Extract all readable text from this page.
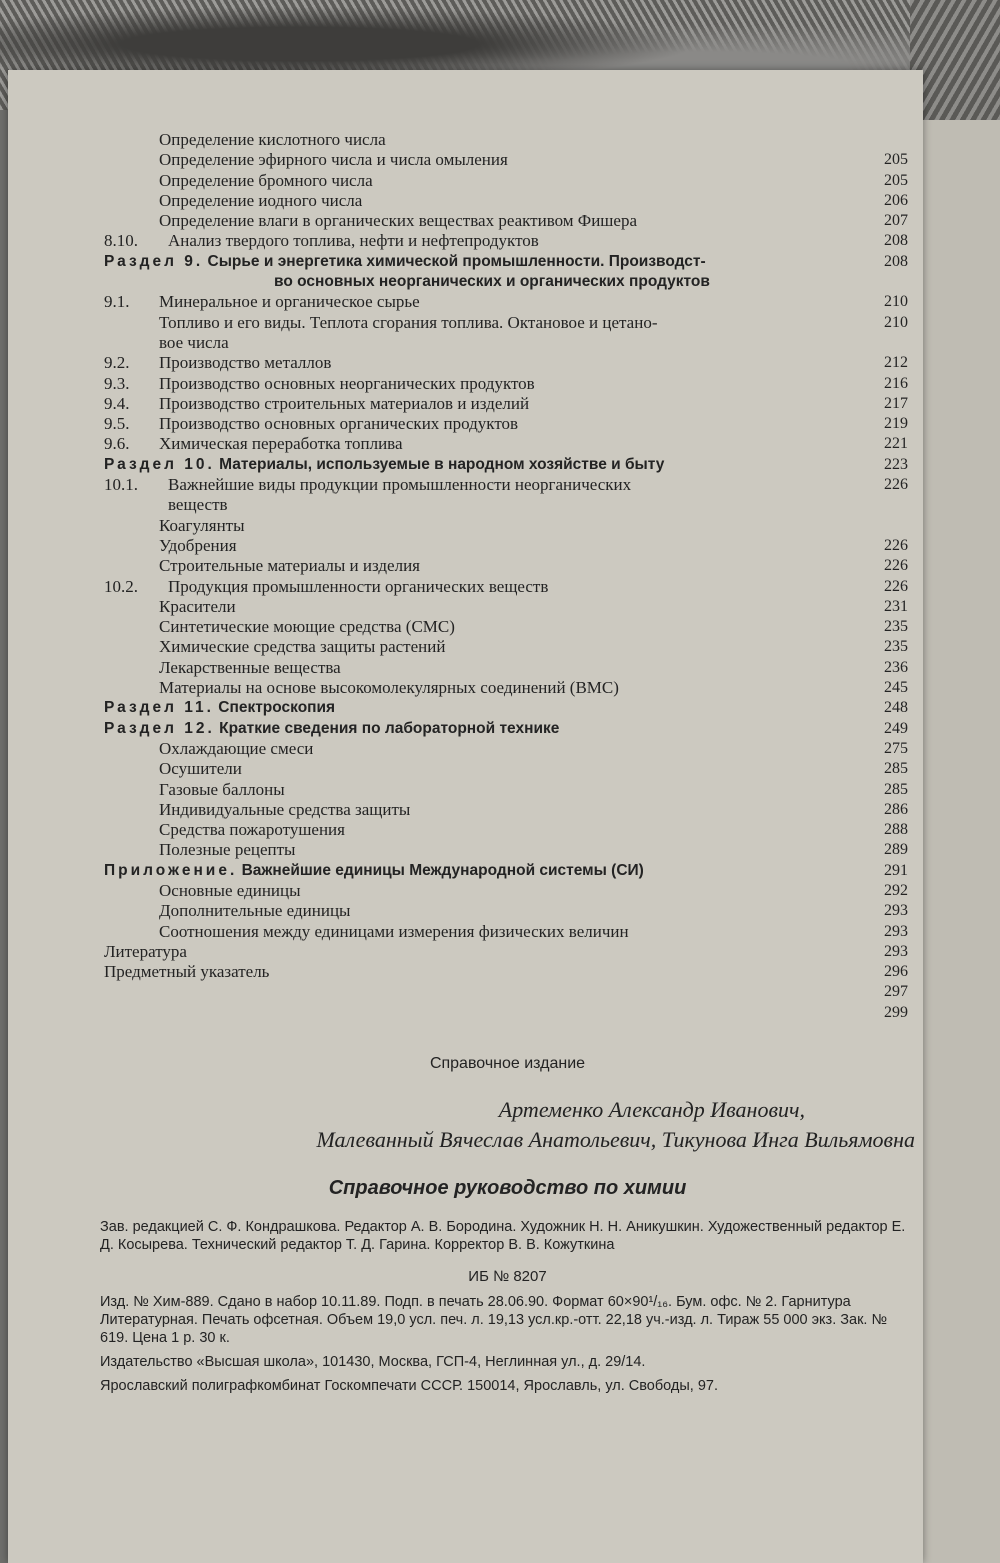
Определение кислотного числа
Определение эфирного числа и числа омыления	205
Определение бромного числа	205
Определение иодного числа	206
Определение влаги в органических веществах реактивом Фишера	207
8.10. Анализ твердого топлива, нефти и нефтепродуктов	208
Раздел 9. Сырье и энергетика химической промышленности. Производст-	208
во основных неорганических и органических продуктов
9.1. Минеральное и органическое сырье	210
Топливо и его виды. Теплота сгорания топлива. Октановое и цетано-	210
вое числа
9.2. Производство металлов	212
9.3. Производство основных неорганических продуктов	216
9.4. Производство строительных материалов и изделий	217
9.5. Производство основных органических продуктов	219
9.6. Химическая переработка топлива	221
Раздел 10. Материалы, используемые в народном хозяйстве и быту	223
10.1. Важнейшие виды продукции промышленности неорганических	226
веществ
Коагулянты
Удобрения	226
Строительные материалы и изделия	226
10.2. Продукция промышленности органических веществ	226
Красители	231
Синтетические моющие средства (СМС)	235
Химические средства защиты растений	235
Лекарственные вещества	236
Материалы на основе высокомолекулярных соединений (ВМС)	245
Раздел 11. Спектроскопия	248
Раздел 12. Краткие сведения по лабораторной технике	249
Охлаждающие смеси	275
Осушители	285
Газовые баллоны	285
Индивидуальные средства защиты	286
Средства пожаротушения	288
Полезные рецепты	289
Приложение. Важнейшие единицы Международной системы (СИ)	291
Основные единицы	292
Дополнительные единицы	293
Соотношения между единицами измерения физических величин	293
Литература	293
Предметный указатель	296
297
299
Справочное издание
Артеменко Александр Иванович,
Малеванный Вячеслав Анатольевич, Тикунова Инга Вильямовна
Справочное руководство по химии
Зав. редакцией С. Ф. Кондрашкова. Редактор А. В. Бородина. Художник Н. Н. Аникушкин. Художественный редактор Е. Д. Косырева. Технический редактор Т. Д. Гарина. Корректор В. В. Кожуткина
ИБ № 8207
Изд. № Хим-889. Сдано в набор 10.11.89. Подп. в печать 28.06.90. Формат 60×90¹/₁₆. Бум. офс. № 2. Гарнитура Литературная. Печать офсетная. Объем 19,0 усл. печ. л. 19,13 усл.кр.-отт. 22,18 уч.-изд. л. Тираж 55 000 экз. Зак. № 619. Цена 1 р. 30 к.
Издательство «Высшая школа», 101430, Москва, ГСП-4, Неглинная ул., д. 29/14.
Ярославский полиграфкомбинат Госкомпечати СССР. 150014, Ярославль, ул. Свободы, 97.
